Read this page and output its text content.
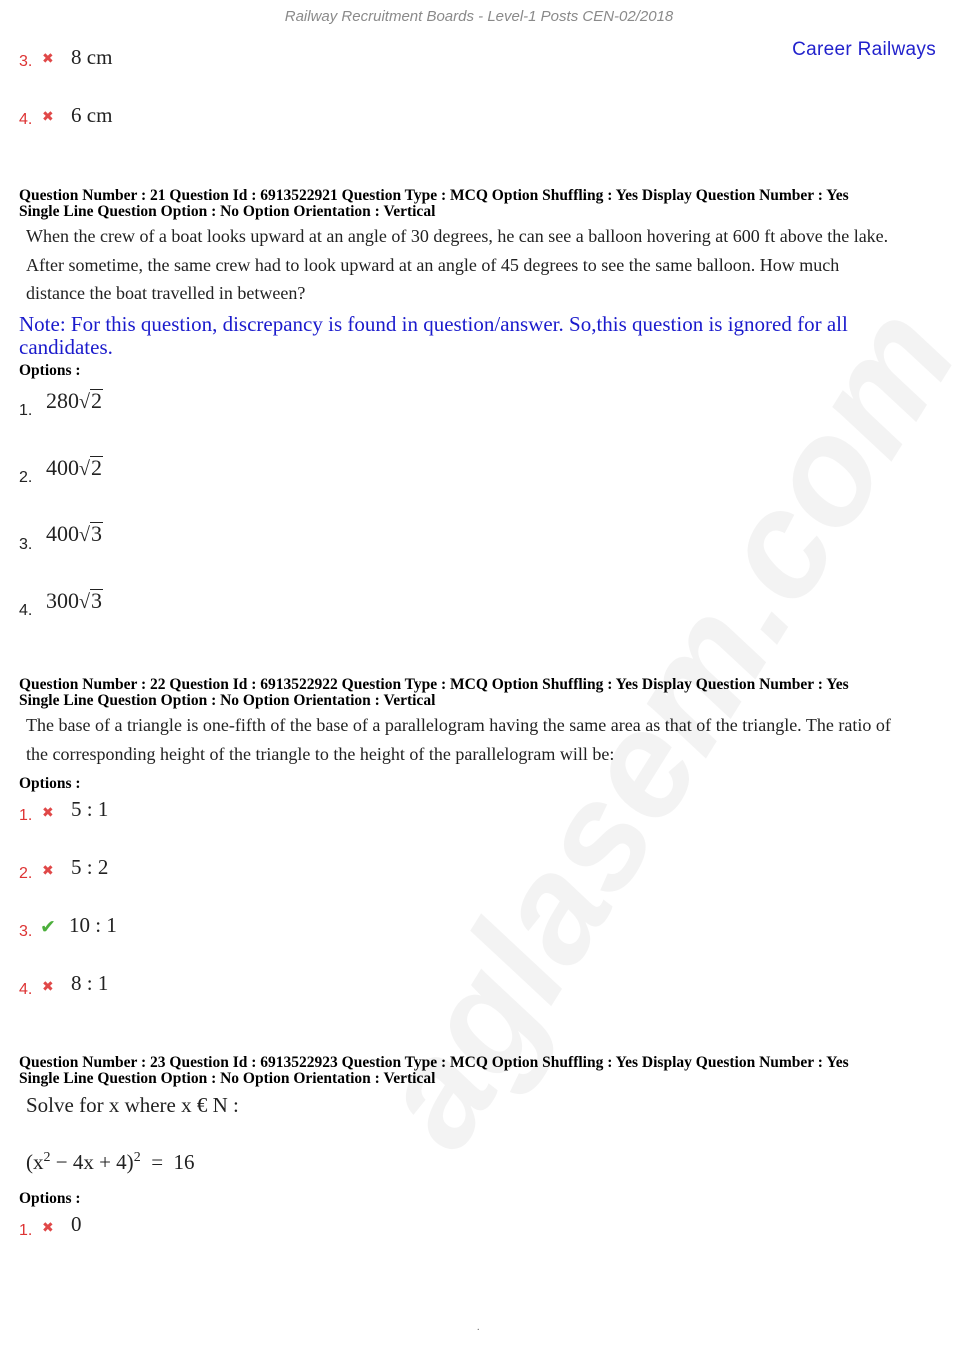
Railway Recruitment Boards - Level-1 Posts CEN-02/2018
Career Railways
3. ✖ 8 cm
4. ✖ 6 cm
Question Number : 21 Question Id : 6913522921 Question Type : MCQ Option Shuffling : Yes Display Question Number : Yes
Single Line Question Option : No Option Orientation : Vertical
When the crew of a boat looks upward at an angle of 30 degrees, he can see a balloon hovering at 600 ft above the lake.
After sometime, the same crew had to look upward at an angle of 45 degrees to see the same balloon. How much
distance the boat travelled in between?
Note: For this question, discrepancy is found in question/answer. So,this question is ignored for all candidates.
Options :
1. 280√2
2. 400√2
3. 400√3
4. 300√3
Question Number : 22 Question Id : 6913522922 Question Type : MCQ Option Shuffling : Yes Display Question Number : Yes
Single Line Question Option : No Option Orientation : Vertical
The base of a triangle is one-fifth of the base of a parallelogram having the same area as that of the triangle. The ratio of
the corresponding height of the triangle to the height of the parallelogram will be:
Options :
1. ✖ 5 : 1
2. ✖ 5 : 2
3. ✔ 10 : 1
4. ✖ 8 : 1
Question Number : 23 Question Id : 6913522923 Question Type : MCQ Option Shuffling : Yes Display Question Number : Yes
Single Line Question Option : No Option Orientation : Vertical
Solve for x where x € N :
$(x^2 - 4x + 4)^2 = 16$
Options :
1. ✖ 0
.
